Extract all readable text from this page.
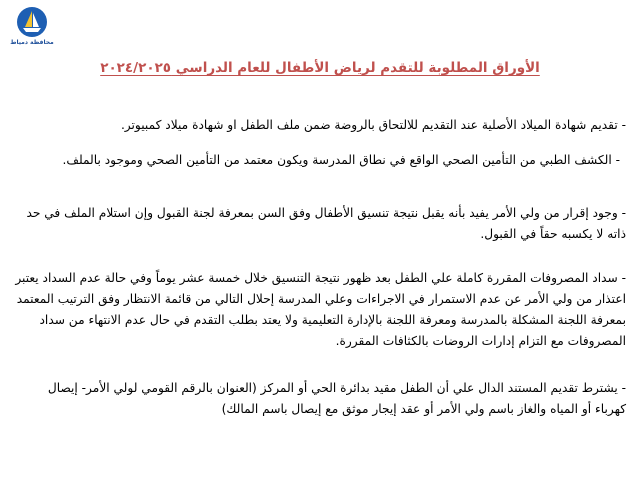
محافظة دمياط
الأوراق المطلوبة للتقدم لرياض الأطفال للعام الدراسي ٢٠٢٤/٢٠٢٥
- تقديم شهادة الميلاد الأصلية عند التقديم للالتحاق بالروضة ضمن ملف الطفل او شهادة ميلاد كمبيوتر.
- الكشف الطبي من التأمين الصحي الواقع في نطاق المدرسة ويكون معتمد من التأمين الصحي وموجود بالملف.
- وجود إقرار من ولي الأمر يفيد بأنه يقبل نتيجة تنسيق الأطفال وفق السن بمعرفة لجنة القبول وإن استلام الملف في حد ذاته لا يكسبه حقاً في القبول.
- سداد المصروفات المقررة كاملة علي الطفل بعد ظهور نتيجة التنسيق خلال خمسة عشر يوماً وفي حالة عدم السداد يعتبر اعتذار من ولي الأمر عن عدم الاستمرار في الاجراءات وعلي المدرسة إحلال التالي من قائمة الانتظار وفق الترتيب المعتمد بمعرفة اللجنة المشكلة بالمدرسة ومعرفة اللجنة بالإدارة التعليمية ولا يعتد بطلب التقدم في حال عدم الانتهاء من سداد المصروفات مع التزام إدارات الروضات بالكثافات المقررة.
- يشترط تقديم المستند الدال علي أن الطفل مقيد بدائرة الحي أو المركز (العنوان بالرقم القومي لولي الأمر- إيصال كهرباء أو المياه والغاز باسم ولي الأمر أو عقد إيجار موثق مع إيصال باسم المالك)
